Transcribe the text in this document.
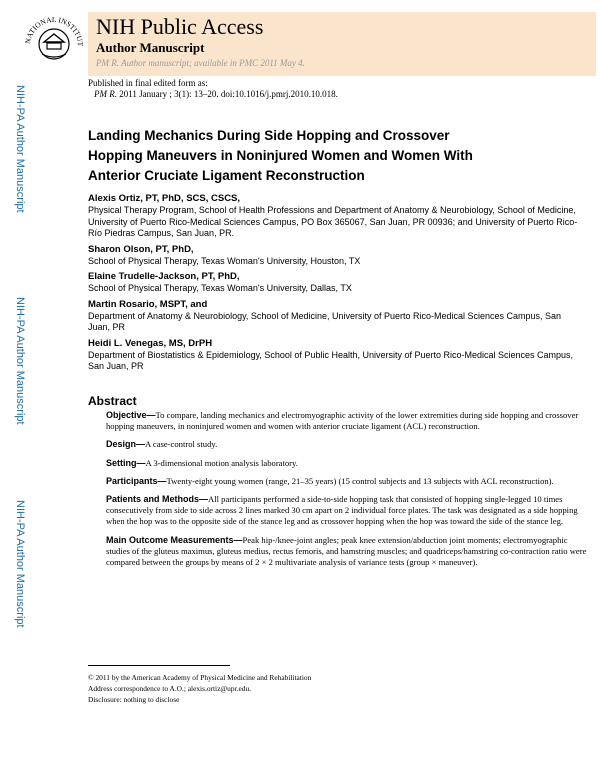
NATIONAL INSTITUT
NIH Public Access
Author Manuscript
PM R. Author manuscript; available in PMC 2011 May 4.
Published in final edited form as:
PM R. 2011 January ; 3(1): 13–20. doi:10.1016/j.pmrj.2010.10.018.
NIH-PA Author Manuscript
NIH-PA Author Manuscript
NIH-PA Author Manuscript
Landing Mechanics During Side Hopping and Crossover Hopping Maneuvers in Noninjured Women and Women With Anterior Cruciate Ligament Reconstruction
Alexis Ortiz, PT, PhD, SCS, CSCS,
Physical Therapy Program, School of Health Professions and Department of Anatomy & Neurobiology, School of Medicine, University of Puerto Rico-Medical Sciences Campus, PO Box 365067, San Juan, PR 00936; and University of Puerto Rico-Río Piedras Campus, San Juan, PR.
Sharon Olson, PT, PhD,
School of Physical Therapy, Texas Woman's University, Houston, TX
Elaine Trudelle-Jackson, PT, PhD,
School of Physical Therapy, Texas Woman's University, Dallas, TX
Martin Rosario, MSPT, and
Department of Anatomy & Neurobiology, School of Medicine, University of Puerto Rico-Medical Sciences Campus, San Juan, PR
Heidi L. Venegas, MS, DrPH
Department of Biostatistics & Epidemiology, School of Public Health, University of Puerto Rico-Medical Sciences Campus, San Juan, PR
Abstract
Objective—To compare, landing mechanics and electromyographic activity of the lower extremities during side hopping and crossover hopping maneuvers, in noninjured women and women with anterior cruciate ligament (ACL) reconstruction.
Design—A case-control study.
Setting—A 3-dimensional motion analysis laboratory.
Participants—Twenty-eight young women (range, 21–35 years) (15 control subjects and 13 subjects with ACL reconstruction).
Patients and Methods—All participants performed a side-to-side hopping task that consisted of hopping single-legged 10 times consecutively from side to side across 2 lines marked 30 cm apart on 2 individual force plates. The task was designated as a side hopping when the hop was to the opposite side of the stance leg and as crossover hopping when the hop was toward the side of the stance leg.
Main Outcome Measurements—Peak hip-/knee-joint angles; peak knee extension/abduction joint moments; electromyographic studies of the gluteus maximus, gluteus medius, rectus femoris, and hamstring muscles; and quadriceps/hamstring co-contraction ratio were compared between the groups by means of 2 × 2 multivariate analysis of variance tests (group × maneuver).
© 2011 by the American Academy of Physical Medicine and Rehabilitation
Address correspondence to A.O.; alexis.ortiz@upr.edu.
Disclosure: nothing to disclose
